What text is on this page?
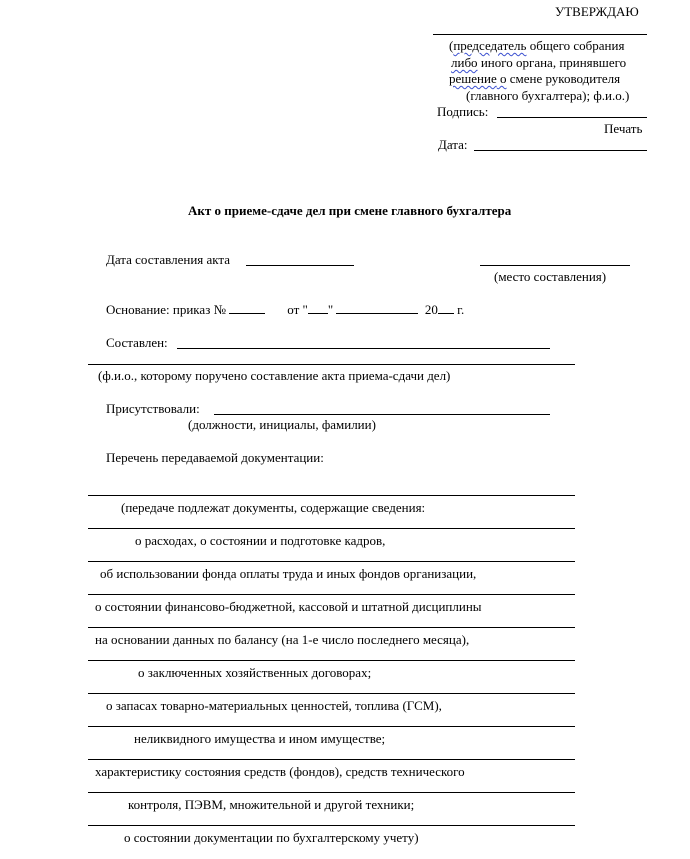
УТВЕРЖДАЮ
(председатель общего собрания
либо иного органа, принявшего
решение о смене руководителя
(главного бухгалтера); ф.и.о.)
Подпись:
Печать
Дата:
Акт о приеме-сдаче дел при смене главного бухгалтера
Дата составления акта
(место составления)
Основание: приказ №	от " "	20 г.
Составлен:
(ф.и.о., которому поручено составление акта приема-сдачи дел)
Присутствовали:
(должности, инициалы, фамилии)
Перечень передаваемой документации:
(передаче подлежат документы, содержащие сведения:
о расходах, о состоянии и подготовке кадров,
об использовании фонда оплаты труда и иных фондов организации,
о состоянии финансово-бюджетной, кассовой и штатной дисциплины
на основании данных по балансу (на 1-е число последнего месяца),
о заключенных хозяйственных договорах;
о запасах товарно-материальных ценностей, топлива (ГСМ),
неликвидного имущества и ином имуществе;
характеристику состояния средств (фондов), средств технического
контроля, ПЭВМ, множительной и другой техники;
о состоянии документации по бухгалтерскому учету)
